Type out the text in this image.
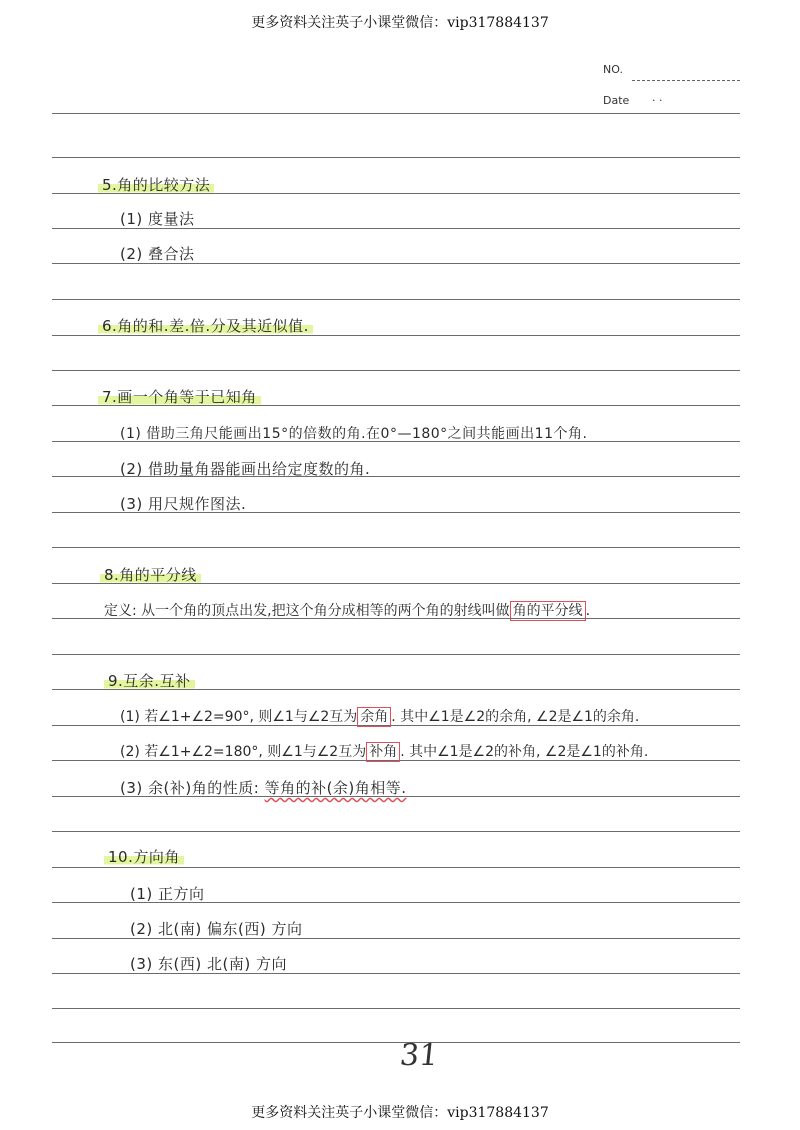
更多资料关注英子小课堂微信：vip317884137
NO.
Date · ·
5.角的比较方法
(1) 度量法
(2) 叠合法
6.角的和.差.倍.分及其近似值.
7.画一个角等于已知角
(1) 借助三角尺能画出15°的倍数的角.在0°—180°之间共能画出11个角.
(2) 借助量角器能画出给定度数的角.
(3) 用尺规作图法.
8.角的平分线
定义: 从一个角的顶点出发,把这个角分成相等的两个角的射线叫做 角的平分线 .
9.互余.互补
(1) 若∠1+∠2=90°, 则∠1与∠2互为 余角 . 其中∠1是∠2的余角, ∠2是∠1的余角.
(2) 若∠1+∠2=180°, 则∠1与∠2互为 补角 . 其中∠1是∠2的补角, ∠2是∠1的补角.
(3) 余(补)角的性质: 等角的补(余)角相等.
10.方向角
(1) 正方向
(2) 北(南) 偏东(西) 方向
(3) 东(西) 北(南) 方向
31
更多资料关注英子小课堂微信：vip317884137
